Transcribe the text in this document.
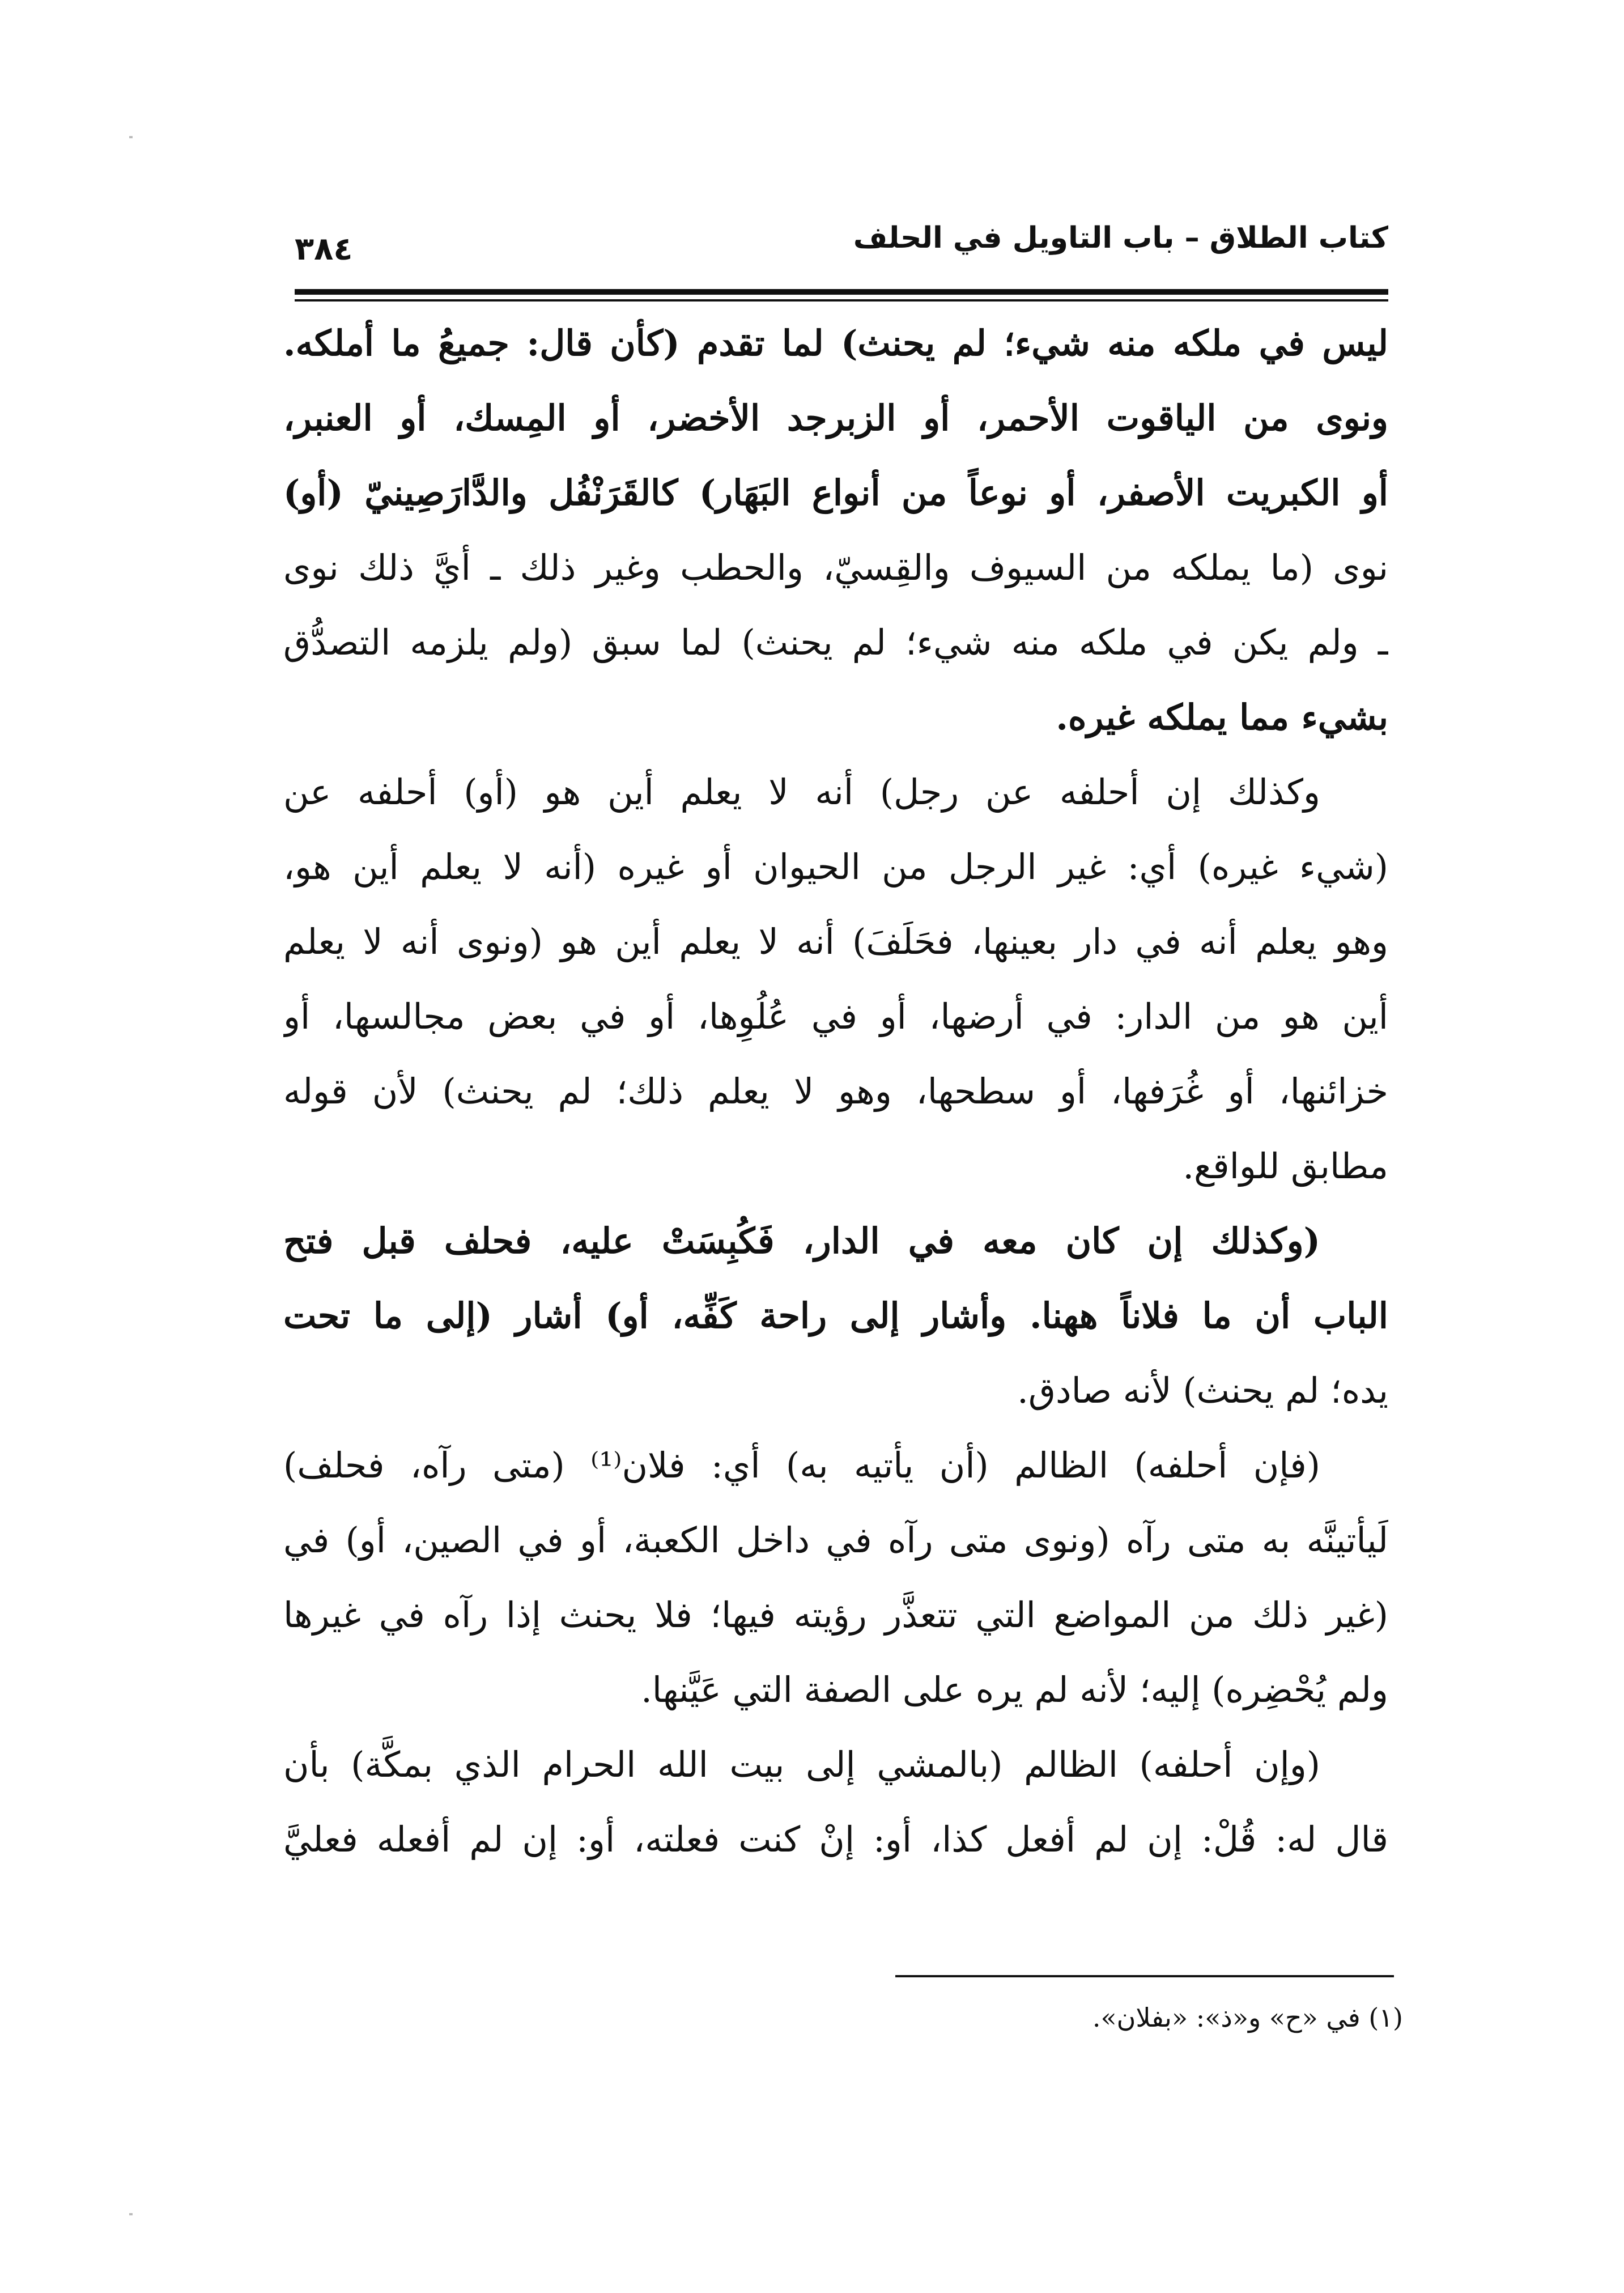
كتاب الطلاق – باب التاويل في الحلف
٣٨٤
ليس في ملكه منه شيء؛ لم يحنث) لما تقدم (كأن قال: جميعُ ما أملكه.
ونوى من الياقوت الأحمر، أو الزبرجد الأخضر، أو المِسك، أو العنبر،
أو الكبريت الأصفر، أو نوعاً من أنواع البَهَار) كالقَرَنْفُل والدَّارَصِينيّ (أو)
نوى (ما يملكه من السيوف والقِسيّ، والحطب وغير ذلك ـ أيَّ ذلك نوى
ـ ولم يكن في ملكه منه شيء؛ لم يحنث) لما سبق (ولم يلزمه التصدُّق
بشيء مما يملكه غيره.
وكذلك إن أحلفه عن رجل) أنه لا يعلم أين هو (أو) أحلفه عن
(شيء غيره) أي: غير الرجل من الحيوان أو غيره (أنه لا يعلم أين هو،
وهو يعلم أنه في دار بعينها، فحَلَفَ) أنه لا يعلم أين هو (ونوى أنه لا يعلم
أين هو من الدار: في أرضها، أو في عُلُوِها، أو في بعض مجالسها، أو
خزائنها، أو غُرَفها، أو سطحها، وهو لا يعلم ذلك؛ لم يحنث) لأن قوله
مطابق للواقع.
(وكذلك إن كان معه في الدار، فَكُبِسَتْ عليه، فحلف قبل فتح
الباب أن ما فلاناً ههنا. وأشار إلى راحة كَفِّه، أو) أشار (إلى ما تحت
يده؛ لم يحنث) لأنه صادق.
(فإن أحلفه) الظالم (أن يأتيه به) أي: فلان⁽¹⁾ (متى رآه، فحلف)
لَيأتينَّه به متى رآه (ونوى متى رآه في داخل الكعبة، أو في الصين، أو) في
(غير ذلك من المواضع التي تتعذَّر رؤيته فيها؛ فلا يحنث إذا رآه في غيرها
ولم يُحْضِره) إليه؛ لأنه لم يره على الصفة التي عَيَّنها.
(وإن أحلفه) الظالم (بالمشي إلى بيت الله الحرام الذي بمكَّة) بأن
قال له: قُلْ: إن لم أفعل كذا، أو: إنْ كنت فعلته، أو: إن لم أفعله فعليَّ
(١) في «ح» و«ذ»: «بفلان».
